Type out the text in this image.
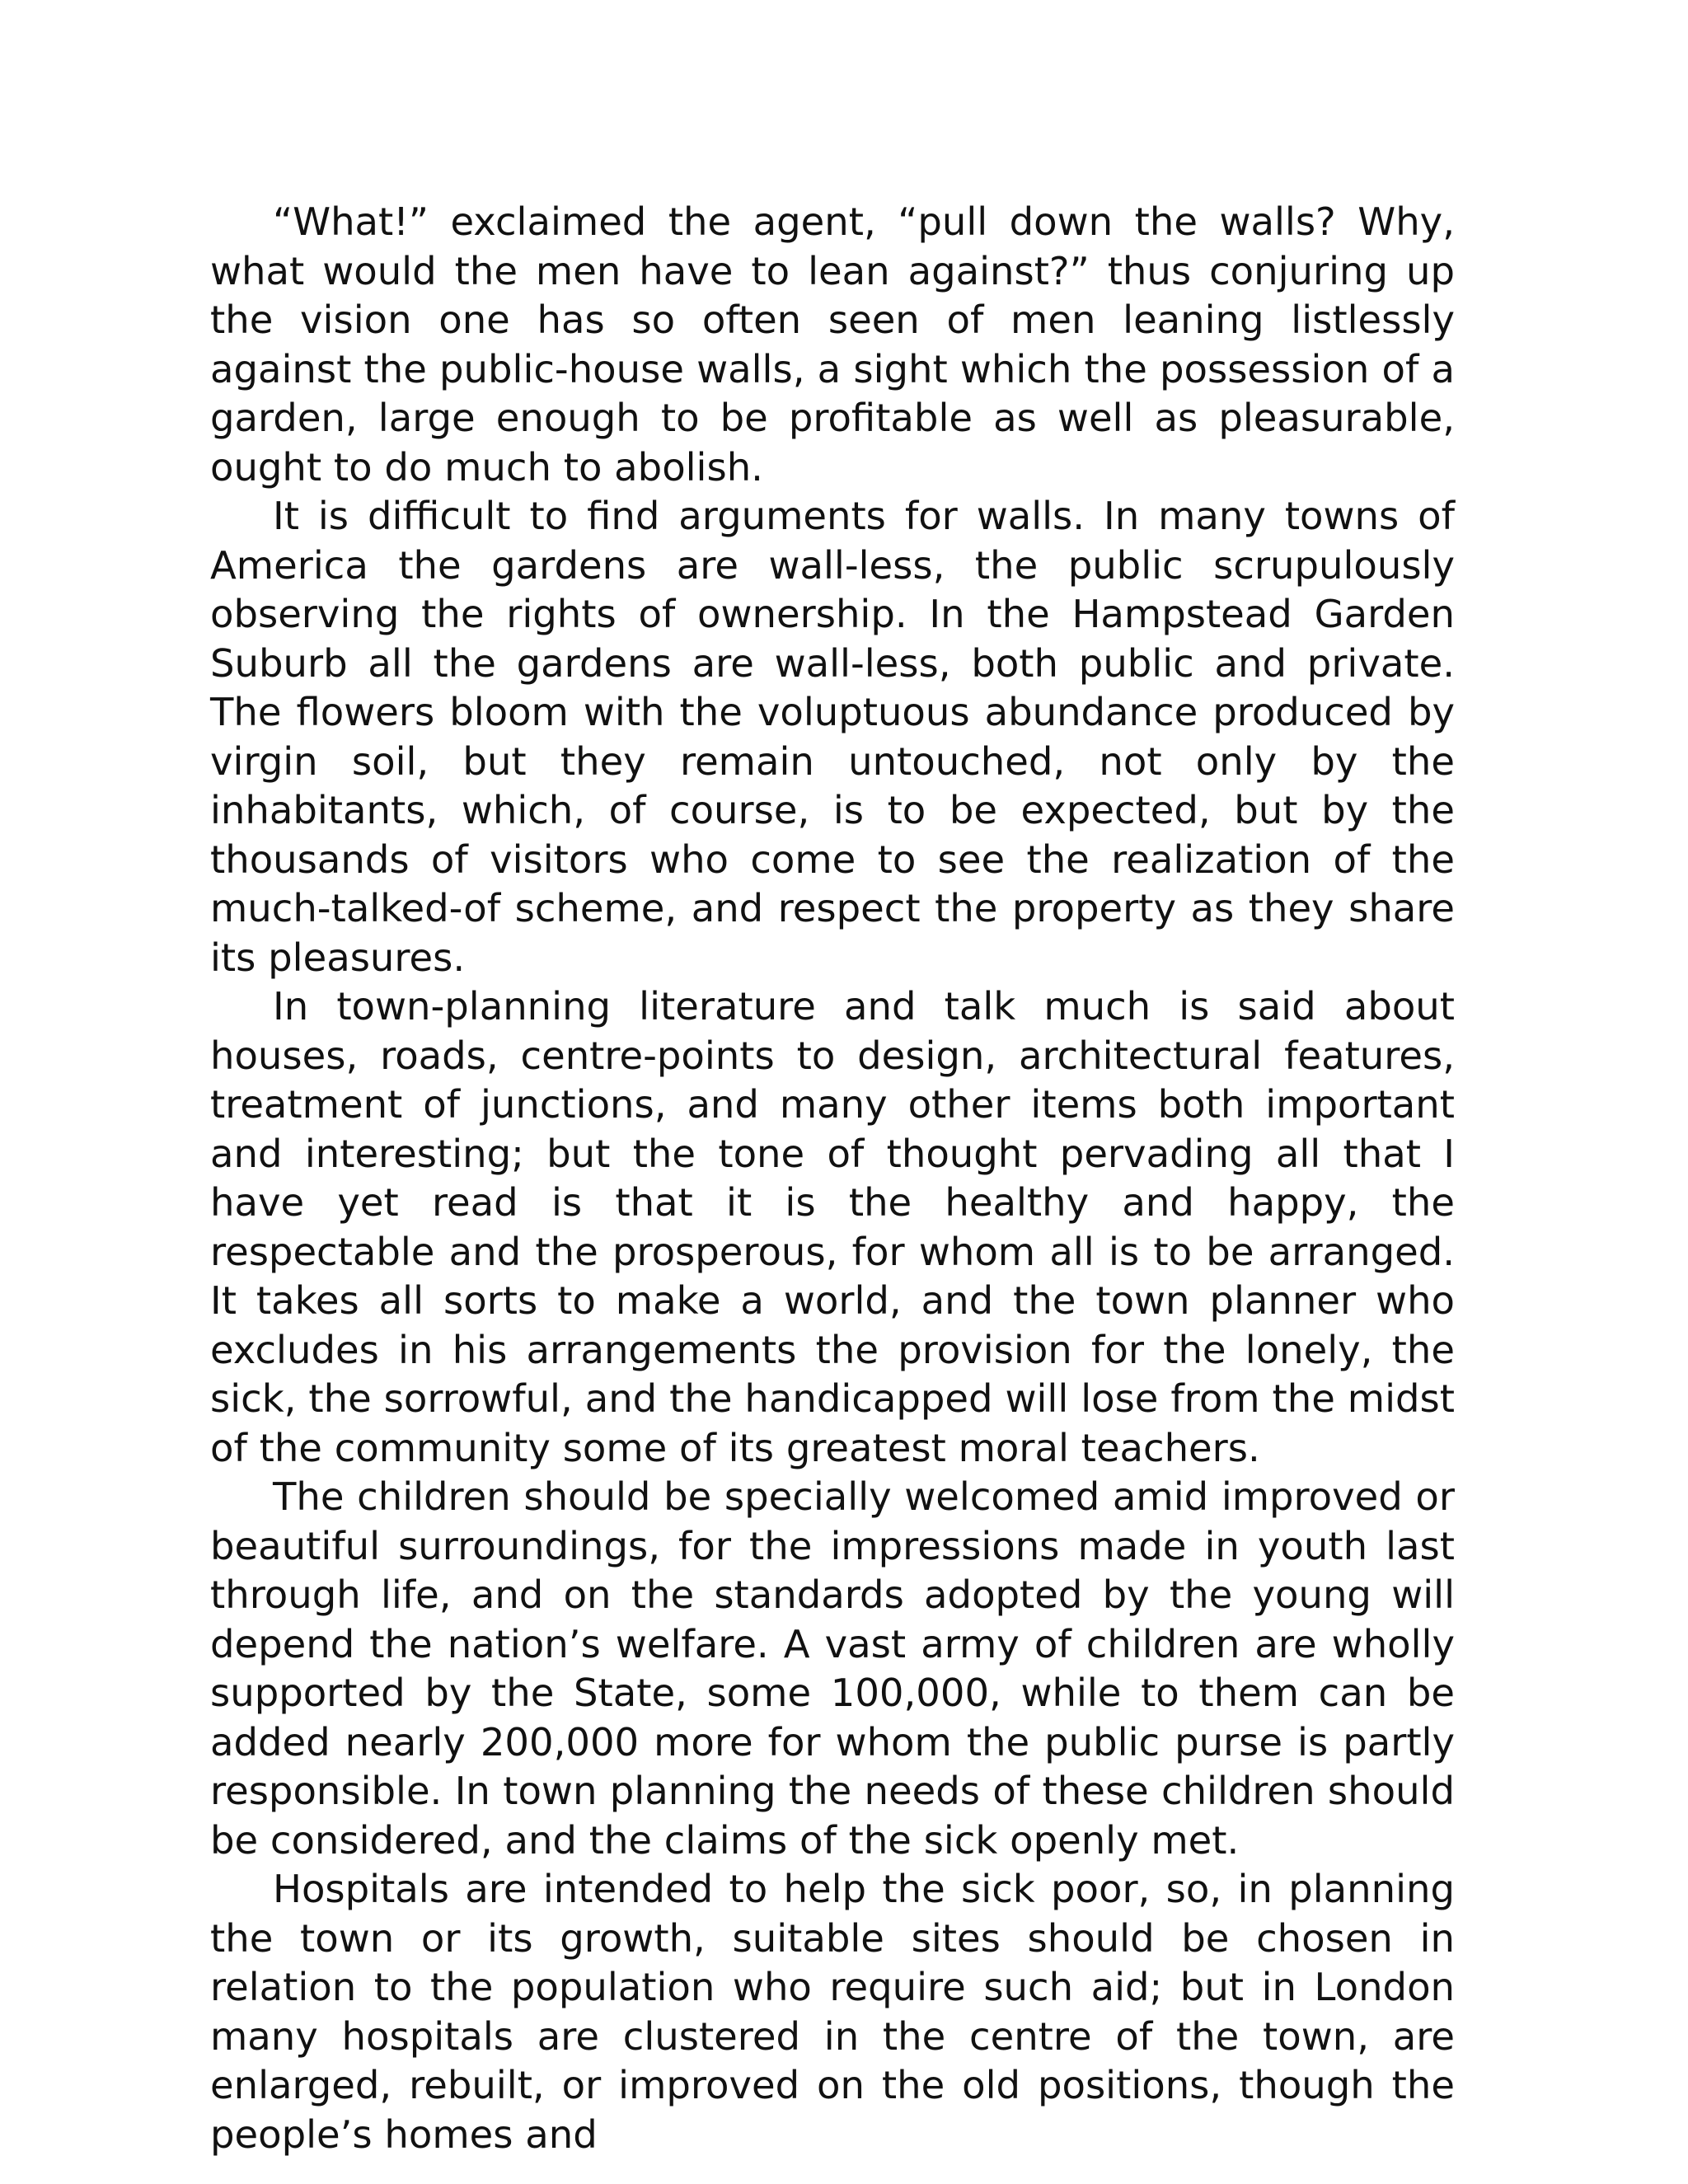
“What!” exclaimed the agent, “pull down the walls? Why, what would the men have to lean against?” thus conjuring up the vision one has so often seen of men leaning listlessly against the public-house walls, a sight which the possession of a garden, large enough to be profitable as well as pleasurable, ought to do much to abolish.

It is difficult to find arguments for walls. In many towns of America the gardens are wall-less, the public scrupulously observing the rights of ownership. In the Hampstead Garden Suburb all the gardens are wall-less, both public and private. The flowers bloom with the voluptuous abundance produced by virgin soil, but they remain untouched, not only by the inhabitants, which, of course, is to be expected, but by the thousands of visitors who come to see the realization of the much-talked-of scheme, and respect the property as they share its pleasures.

In town-planning literature and talk much is said about houses, roads, centre-points to design, architectural features, treatment of junctions, and many other items both important and interesting; but the tone of thought pervading all that I have yet read is that it is the healthy and happy, the respectable and the prosperous, for whom all is to be arranged. It takes all sorts to make a world, and the town planner who excludes in his arrangements the provision for the lonely, the sick, the sorrowful, and the handicapped will lose from the midst of the community some of its greatest moral teachers.

The children should be specially welcomed amid improved or beautiful surroundings, for the impressions made in youth last through life, and on the standards adopted by the young will depend the nation’s welfare. A vast army of children are wholly supported by the State, some 100,000, while to them can be added nearly 200,000 more for whom the public purse is partly responsible. In town planning the needs of these children should be considered, and the claims of the sick openly met.

Hospitals are intended to help the sick poor, so, in planning the town or its growth, suitable sites should be chosen in relation to the population who require such aid; but in London many hospitals are clustered in the centre of the town, are enlarged, rebuilt, or improved on the old positions, though the people’s homes and
